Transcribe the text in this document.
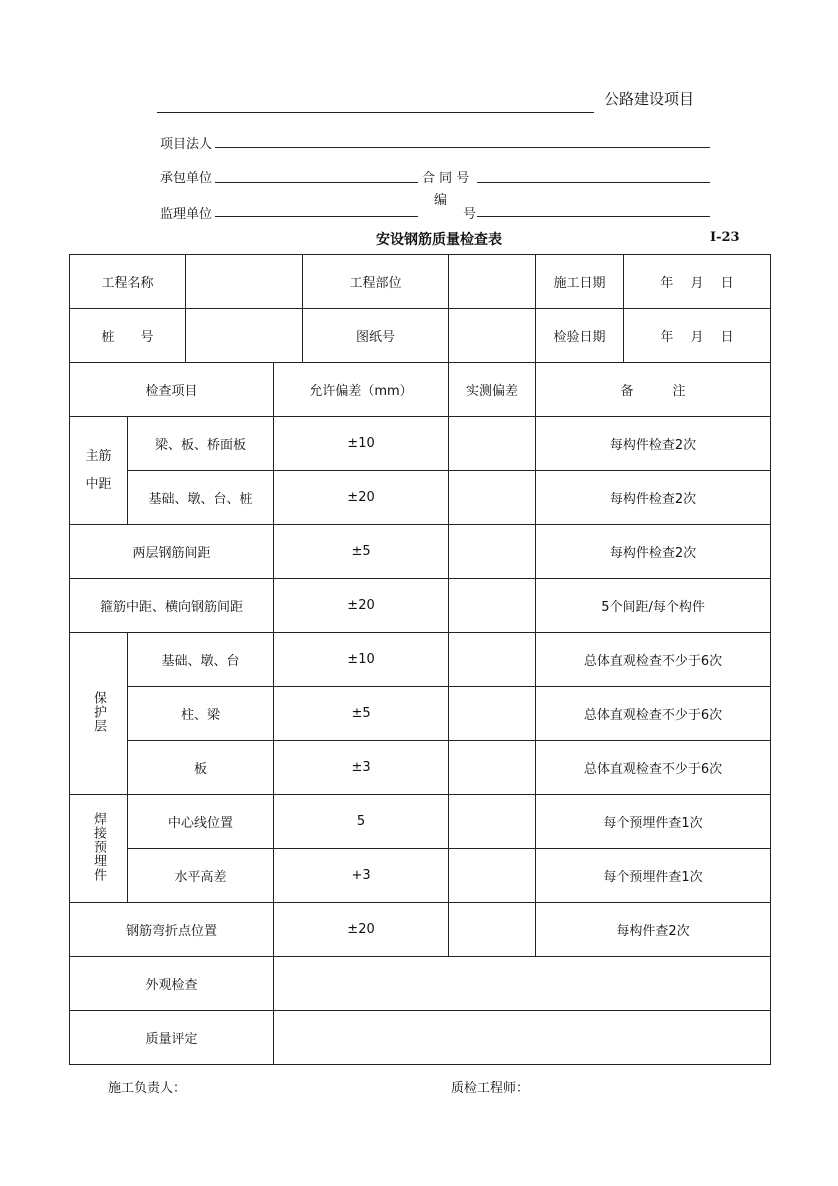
公路建设项目
项目法人
承包单位	合 同 号
监理单位
编
号
安设钢筋质量检查表	I-23
工程名称				工程部位		施工日期	年　 月　 日
桩　　号				图纸号		检验日期	年　 月　 日
检查项目			允许偏差（mm）		实测偏差	备　　　注	

主筋
中距	梁、板、桥面板		±10			每构件检查2次	
	基础、墩、台、桩		±20			每构件检查2次	
两层钢筋间距			±5			每构件检查2次	
箍筋中距、横向钢筋间距			±20			5个间距/每个构件	
保护层	基础、墩、台		±10			总体直观检查不少于6次	
	柱、梁		±5			总体直观检查不少于6次	
	板		±3			总体直观检查不少于6次	
焊接预埋件	中心线位置		5			每个预埋件查1次	
	水平高差		+3			每个预埋件查1次	
钢筋弯折点位置			±20			每构件查2次	
外观检查							
质量评定							
施工负责人：	质检工程师：
